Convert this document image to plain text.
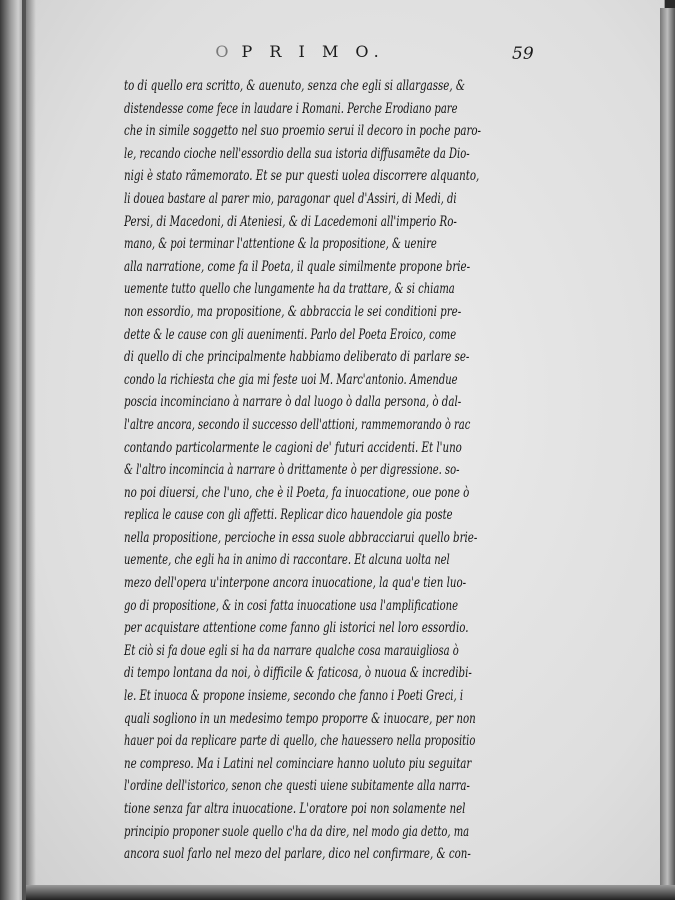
O P R I M O.	59
to di quello era scritto, & auenuto, senza che egli si allargasse, &
distendesse come fece in laudare i Romani. Perche Erodiano pare
che in simile soggetto nel suo proemio serui il decoro in poche paro-
le, recando cioche nell'essordio della sua istoria diffusamẽte da Dio-
nigi è stato rãmemorato. Et se pur questi uolea discorrere alquanto,
li douea bastare al parer mio, paragonar quel d'Assiri, di Medi, di
Persi, di Macedoni, di Ateniesi, & di Lacedemoni all'imperio Ro-
mano, & poi terminar l'attentione & la propositione, & uenire
alla narratione, come fa il Poeta, il quale similmente propone brie-
uemente tutto quello che lungamente ha da trattare, & si chiama
non essordio, ma propositione, & abbraccia le sei conditioni pre-
dette & le cause con gli auenimenti. Parlo del Poeta Eroico, come
di quello di che principalmente habbiamo deliberato di parlare se-
condo la richiesta che gia mi feste uoi M. Marc'antonio. Amendue
poscia incominciano à narrare ò dal luogo ò dalla persona, ò dal-
l'altre ancora, secondo il successo dell'attioni, rammemorando ò rac
contando particolarmente le cagioni de' futuri accidenti. Et l'uno
& l'altro incomincia à narrare ò drittamente ò per digressione. so-
no poi diuersi, che l'uno, che è il Poeta, fa inuocatione, oue pone ò
replica le cause con gli affetti. Replicar dico hauendole gia poste
nella propositione, percioche in essa suole abbracciarui quello brie-
uemente, che egli ha in animo di raccontare. Et alcuna uolta nel
mezo dell'opera u'interpone ancora inuocatione, la qua'e tien luo-
go di propositione, & in cosi fatta inuocatione usa l'amplificatione
per acquistare attentione come fanno gli istorici nel loro essordio.
Et ciò si fa doue egli si ha da narrare qualche cosa marauigliosa ò
di tempo lontana da noi, ò difficile & faticosa, ò nuoua & incredibi-
le. Et inuoca & propone insieme, secondo che fanno i Poeti Greci, i
quali sogliono in un medesimo tempo proporre & inuocare, per non
hauer poi da replicare parte di quello, che hauessero nella propositio
ne compreso. Ma i Latini nel cominciare hanno uoluto piu seguitar
l'ordine dell'istorico, senon che questi uiene subitamente alla narra-
tione senza far altra inuocatione. L'oratore poi non solamente nel
principio proponer suole quello c'ha da dire, nel modo gia detto, ma
ancora suol farlo nel mezo del parlare, dico nel confirmare, & con-
